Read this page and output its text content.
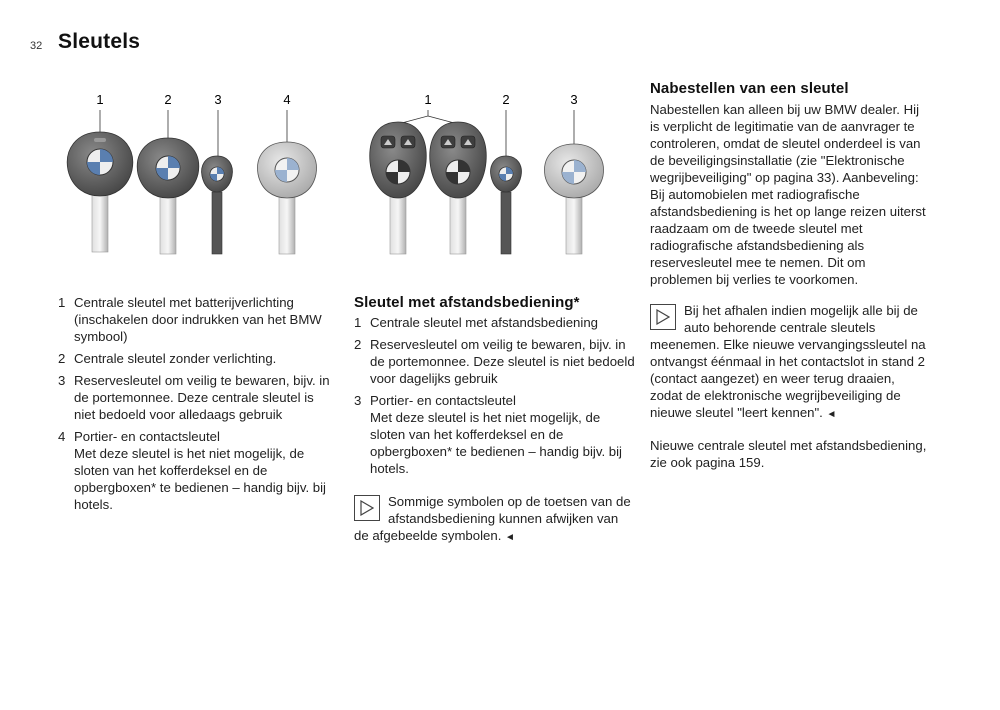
32 Sleutels
1	2	3	4	1	2	3
1 Centrale sleutel met batterijverlichting (inschakelen door indrukken van het BMW symbool)
2 Centrale sleutel zonder verlichting.
3 Reservesleutel om veilig te bewaren, bijv. in de portemonnee. Deze centrale sleutel is niet bedoeld voor alledaags gebruik
4 Portier- en contactsleutel
Met deze sleutel is het niet mogelijk, de sloten van het kofferdeksel en de opbergboxen* te bedienen – handig bijv. bij hotels.
Sleutel met afstandsbediening*
1 Centrale sleutel met afstandsbediening
2 Reservesleutel om veilig te bewaren, bijv. in de portemonnee. Deze sleutel is niet bedoeld voor dagelijks gebruik
3 Portier- en contactsleutel
Met deze sleutel is het niet mogelijk, de sloten van het kofferdeksel en de opbergboxen* te bedienen – handig bijv. bij hotels.
Sommige symbolen op de toetsen van de afstandsbediening kunnen afwijken van de afgebeelde symbolen. ◄
Nabestellen van een sleutel

Nabestellen kan alleen bij uw BMW dealer. Hij is verplicht de legitimatie van de aanvrager te controleren, omdat de sleutel onderdeel is van de beveiligingsinstallatie (zie "Elektronische wegrijbeveiliging" op pagina 33). Aanbeveling: Bij automobielen met radiografische afstandsbediening is het op lange reizen uiterst raadzaam om de tweede sleutel met radiografische afstandsbediening als reservesleutel mee te nemen. Dit om problemen bij verlies te voorkomen.

Bij het afhalen indien mogelijk alle bij de auto behorende centrale sleutels meenemen. Elke nieuwe vervangingssleutel na ontvangst éénmaal in het contactslot in stand 2 (contact aangezet) en weer terug draaien, zodat de elektronische wegrijbeveiliging de nieuwe sleutel "leert kennen". ◄

Nieuwe centrale sleutel met afstandsbediening, zie ook pagina 159.
